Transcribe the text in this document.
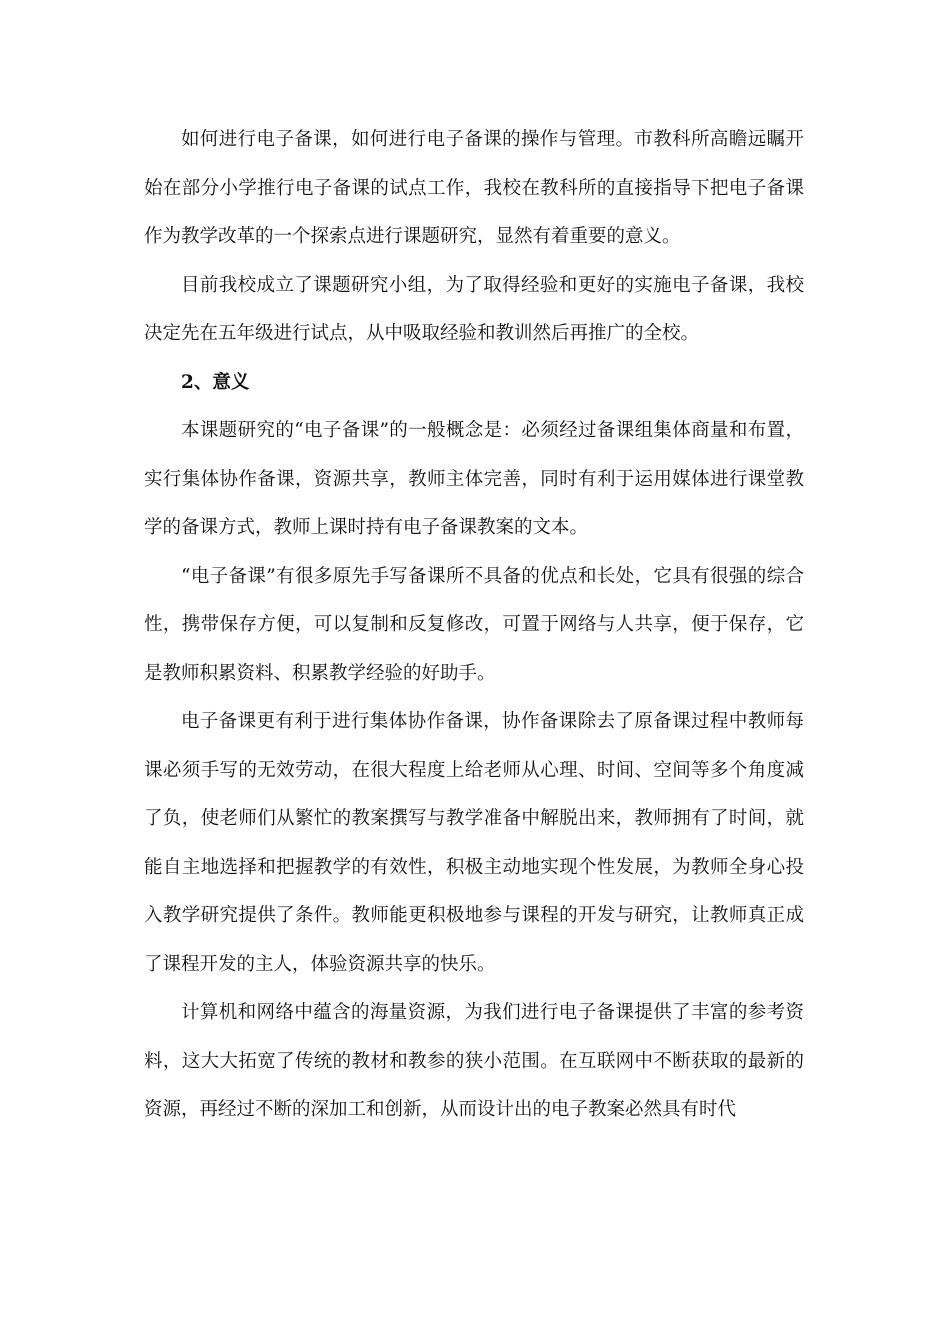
如何进行电子备课，如何进行电子备课的操作与管理。市教科所高瞻远瞩开始在部分小学推行电子备课的试点工作，我校在教科所的直接指导下把电子备课作为教学改革的一个探索点进行课题研究，显然有着重要的意义。

目前我校成立了课题研究小组，为了取得经验和更好的实施电子备课，我校决定先在五年级进行试点，从中吸取经验和教训然后再推广的全校。

2、意义

本课题研究的“电子备课”的一般概念是：必须经过备课组集体商量和布置，实行集体协作备课，资源共享，教师主体完善，同时有利于运用媒体进行课堂教学的备课方式，教师上课时持有电子备课教案的文本。

“电子备课”有很多原先手写备课所不具备的优点和长处，它具有很强的综合性，携带保存方便，可以复制和反复修改，可置于网络与人共享，便于保存，它是教师积累资料、积累教学经验的好助手。

电子备课更有利于进行集体协作备课，协作备课除去了原备课过程中教师每课必须手写的无效劳动，在很大程度上给老师从心理、时间、空间等多个角度减了负，使老师们从繁忙的教案撰写与教学准备中解脱出来，教师拥有了时间，就能自主地选择和把握教学的有效性，积极主动地实现个性发展，为教师全身心投入教学研究提供了条件。教师能更积极地参与课程的开发与研究，让教师真正成了课程开发的主人，体验资源共享的快乐。

计算机和网络中蕴含的海量资源，为我们进行电子备课提供了丰富的参考资料，这大大拓宽了传统的教材和教参的狭小范围。在互联网中不断获取的最新的资源，再经过不断的深加工和创新，从而设计出的电子教案必然具有时代
